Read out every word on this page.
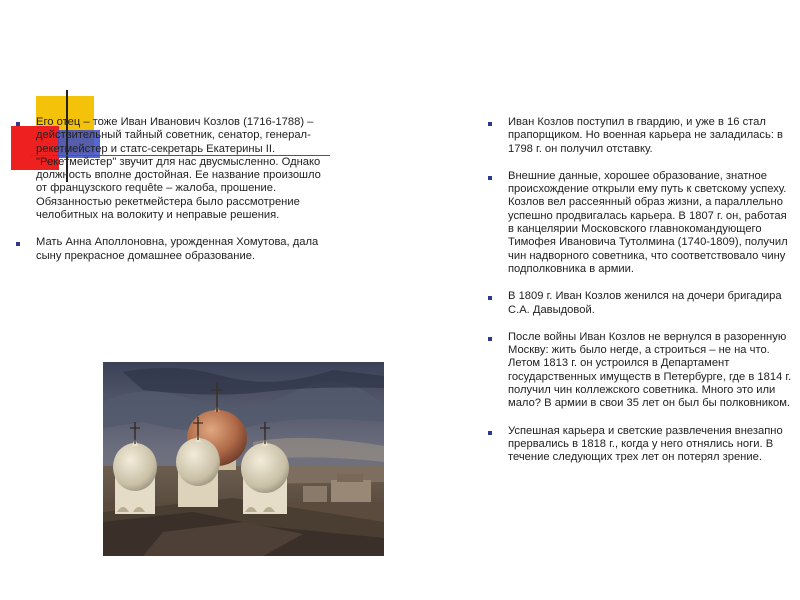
Его отец – тоже Иван Иванович Козлов (1716-1788) – действительный тайный советник, сенатор, генерал-рекетмейстер и статс-секретарь Екатерины II. "Рекетмейстер" звучит для нас двусмысленно. Однако должность вполне достойная. Ее название произошло от французского requête – жалоба, прошение. Обязанностью рекетмейстера было рассмотрение челобитных на волокиту и неправые решения.

Мать Анна Аполлоновна, урожденная Хомутова, дала сыну прекрасное домашнее образование.

Иван Козлов поступил в гвардию, и уже в 16 стал прапорщиком. Но военная карьера не заладилась: в 1798 г. он получил отставку.

Внешние данные, хорошее образование, знатное происхождение открыли ему путь к светскому успеху. Козлов вел рассеянный образ жизни, а параллельно успешно продвигалась карьера. В 1807 г. он, работая в канцелярии Московского главнокомандующего Тимофея Ивановича Тутолмина (1740-1809), получил чин надворного советника, что соответствовало чину подполковника в армии.

В 1809 г. Иван Козлов женился на дочери бригадира С.А. Давыдовой.

После войны Иван Козлов не вернулся в разоренную Москву: жить было негде, а строиться – не на что. Летом 1813 г. он устроился в Департамент государственных имуществ в Петербурге, где в 1814 г. получил чин коллежского советника. Много это или мало? В армии в свои 35 лет он был бы полковником.

Успешная карьера и светские развлечения внезапно прервались в 1818 г., когда у него отнялись ноги. В течение следующих трех лет он потерял зрение.
